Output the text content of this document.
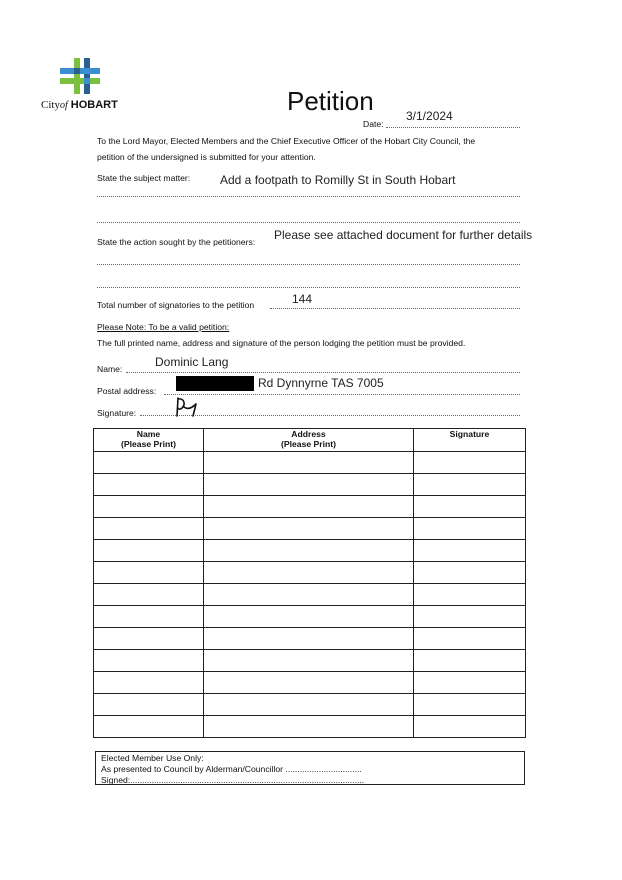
Cityof HOBART	Petition
Date:
3/1/2024
To the Lord Mayor, Elected Members and the Chief Executive Officer of the Hobart City Council, the
petition of the undersigned is submitted for your attention.
State the subject matter: Add a footpath to Romilly St in South Hobart
State the action sought by the petitioners: Please see attached document for further details
Total number of signatories to the petition	144
Please Note: To be a valid petition:
The full printed name, address and signature of the person lodging the petition must be provided.
Name:	Dominic Lang
Postal address:
Rd Dynnyrne TAS 7005
Signature:
Name
(Please Print)	Address
(Please Print)	Signature

Elected Member Use Only:
As presented to Council by Alderman/Councillor ................................
Signed:..................................................................................................
